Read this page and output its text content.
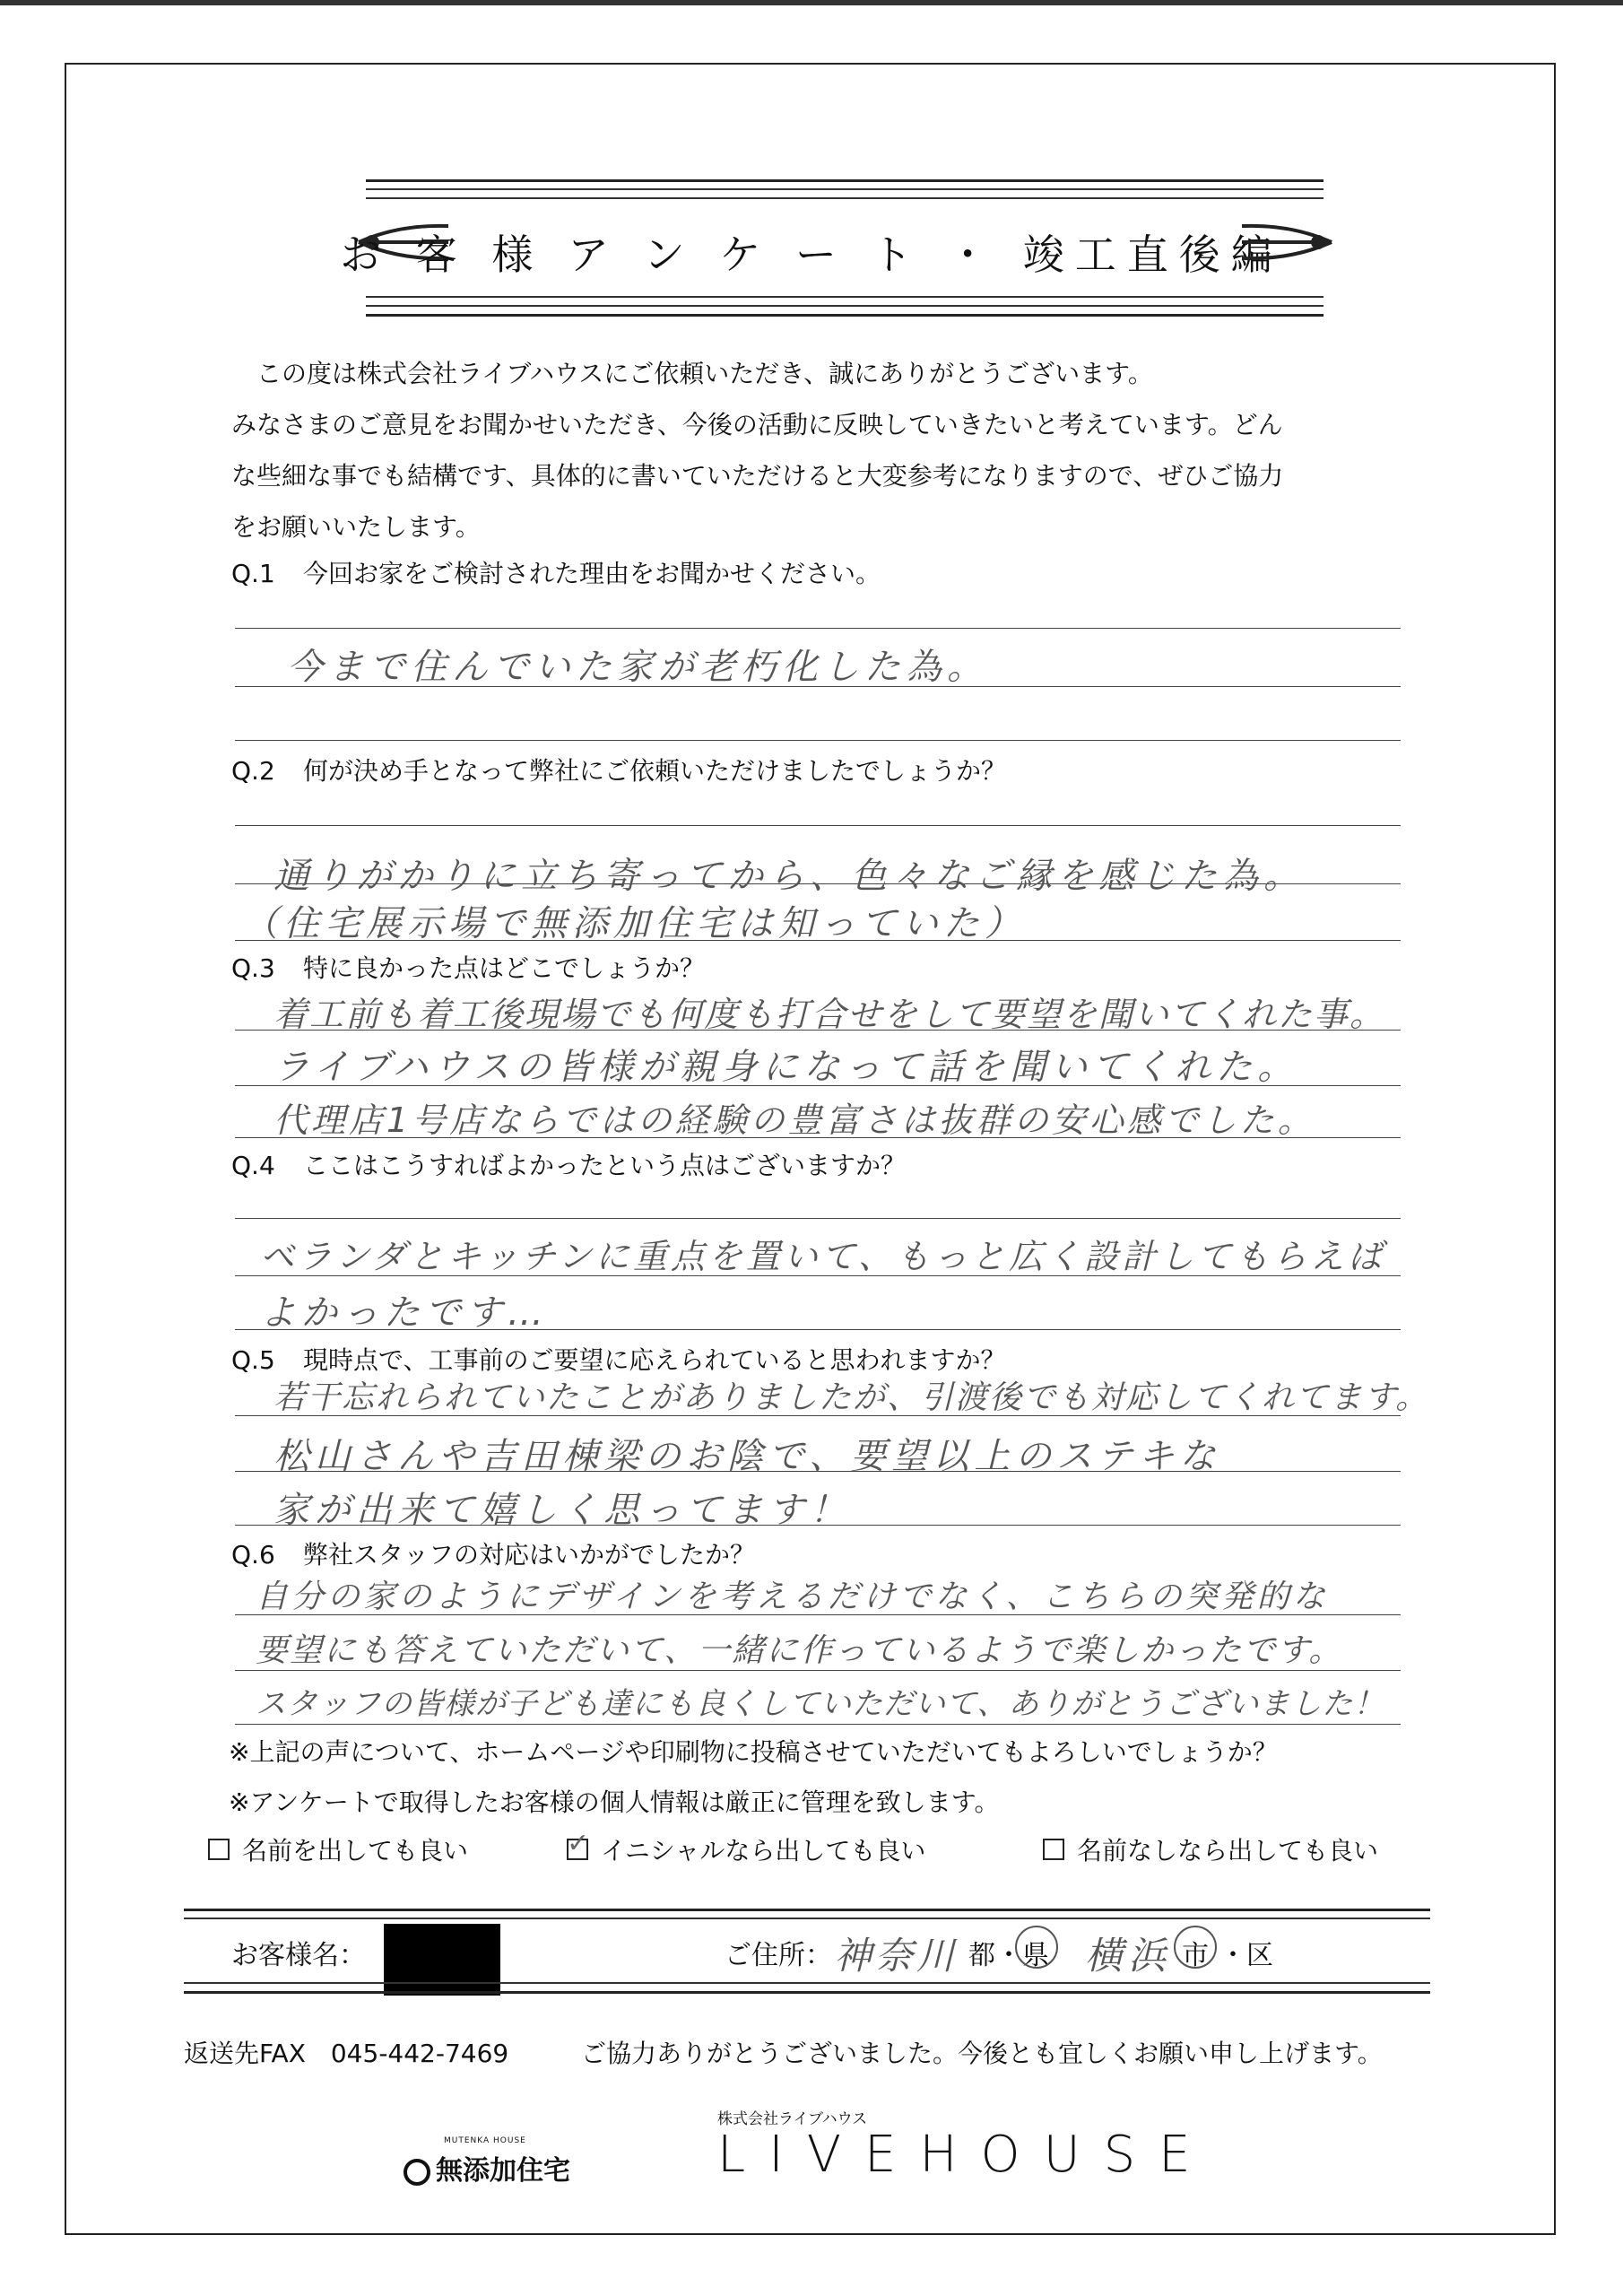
お 客 様 ア ン ケ ー ト ・ 竣工直後編
この度は株式会社ライブハウスにご依頼いただき、誠にありがとうございます。
みなさまのご意見をお聞かせいただき、今後の活動に反映していきたいと考えています。どん
な些細な事でも結構です、具体的に書いていただけると大変参考になりますので、ぜひご協力
をお願いいたします。
Q.1 今回お家をご検討された理由をお聞かせください。
今まで住んでいた家が老朽化した為。
Q.2 何が決め手となって弊社にご依頼いただけましたでしょうか？
通りがかりに立ち寄ってから、色々なご縁を感じた為。
（住宅展示場で無添加住宅は知っていた）
Q.3 特に良かった点はどこでしょうか？
着工前も着工後現場でも何度も打合せをして要望を聞いてくれた事。
ライブハウスの皆様が親身になって話を聞いてくれた。
代理店1号店ならではの経験の豊富さは抜群の安心感でした。
Q.4 ここはこうすればよかったという点はございますか？
ベランダとキッチンに重点を置いて、もっと広く設計してもらえば
よかったです…
Q.5 現時点で、工事前のご要望に応えられていると思われますか？
若干忘れられていたことがありましたが、引渡後でも対応してくれてます。
松山さんや吉田棟梁のお陰で、要望以上のステキな
家が出来て嬉しく思ってます！
Q.6 弊社スタッフの対応はいかがでしたか？
自分の家のようにデザインを考えるだけでなく、こちらの突発的な
要望にも答えていただいて、一緒に作っているようで楽しかったです。
スタッフの皆様が子ども達にも良くしていただいて、ありがとうございました！
※上記の声について、ホームページや印刷物に投稿させていただいてもよろしいでしょうか？
※アンケートで取得したお客様の個人情報は厳正に管理を致します。
名前を出しても良い	✓ イニシャルなら出しても良い	名前なしなら出しても良い
お客様名：	ご住所： 神奈川 都・ 県 横浜 市 ・区
返送先FAX　045-442-7469	ご協力ありがとうございました。今後とも宜しくお願い申し上げます。
MUTENKA HOUSE
無添加住宅
株式会社ライブハウス
LIVEHOUSE
